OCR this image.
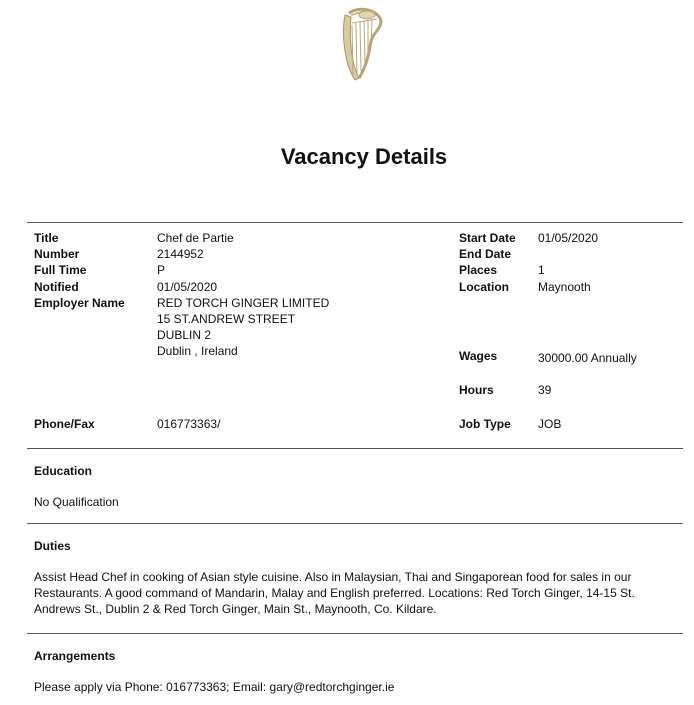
Vacancy Details
Title
Number
Full Time
Notified
Employer Name
Phone/Fax
Chef de Partie
2144952
P
01/05/2020
RED TORCH GINGER LIMITED
15 ST.ANDREW STREET
DUBLIN 2
Dublin , Ireland
016773363/
Start Date
End Date
Places
Location
Wages
Hours
Job Type
01/05/2020
1
Maynooth
30000.00 Annually
39
JOB
Education
No Qualification
Duties
Assist Head Chef in cooking of Asian style cuisine. Also in Malaysian, Thai and Singaporean food for sales in our Restaurants. A good command of Mandarin, Malay and English preferred. Locations: Red Torch Ginger, 14-15 St. Andrews St., Dublin 2 & Red Torch Ginger, Main St., Maynooth, Co. Kildare.
Arrangements
Please apply via Phone: 016773363; Email: gary@redtorchginger.ie
